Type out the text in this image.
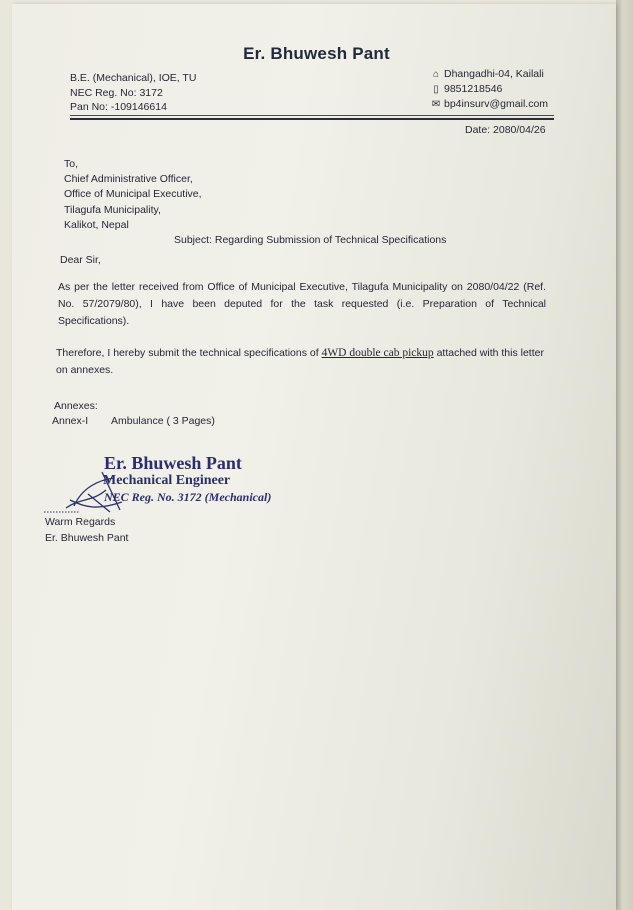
Er. Bhuwesh Pant
B.E. (Mechanical), IOE, TU
NEC Reg. No: 3172
Pan No: -109146614
⌂ Dhangadhi-04, Kailali
▯ 9851218546
✉ bp4insurv@gmail.com
Date: 2080/04/26
To,
Chief Administrative Officer,
Office of Municipal Executive,
Tilagufa Municipality,
Kalikot, Nepal
Subject: Regarding Submission of Technical Specifications
Dear Sir,
As per the letter received from Office of Municipal Executive, Tilagufa Municipality on 2080/04/22 (Ref. No. 57/2079/80), I have been deputed for the task requested (i.e. Preparation of Technical Specifications).
Therefore, I hereby submit the technical specifications of 4WD double cab pickup attached with this letter on annexes.
Annexes:
Annex-I Ambulance ( 3 Pages)
Er. Bhuwesh Pant
Mechanical Engineer
NEC Reg. No. 3172 (Mechanical)
Warm Regards
Er. Bhuwesh Pant
